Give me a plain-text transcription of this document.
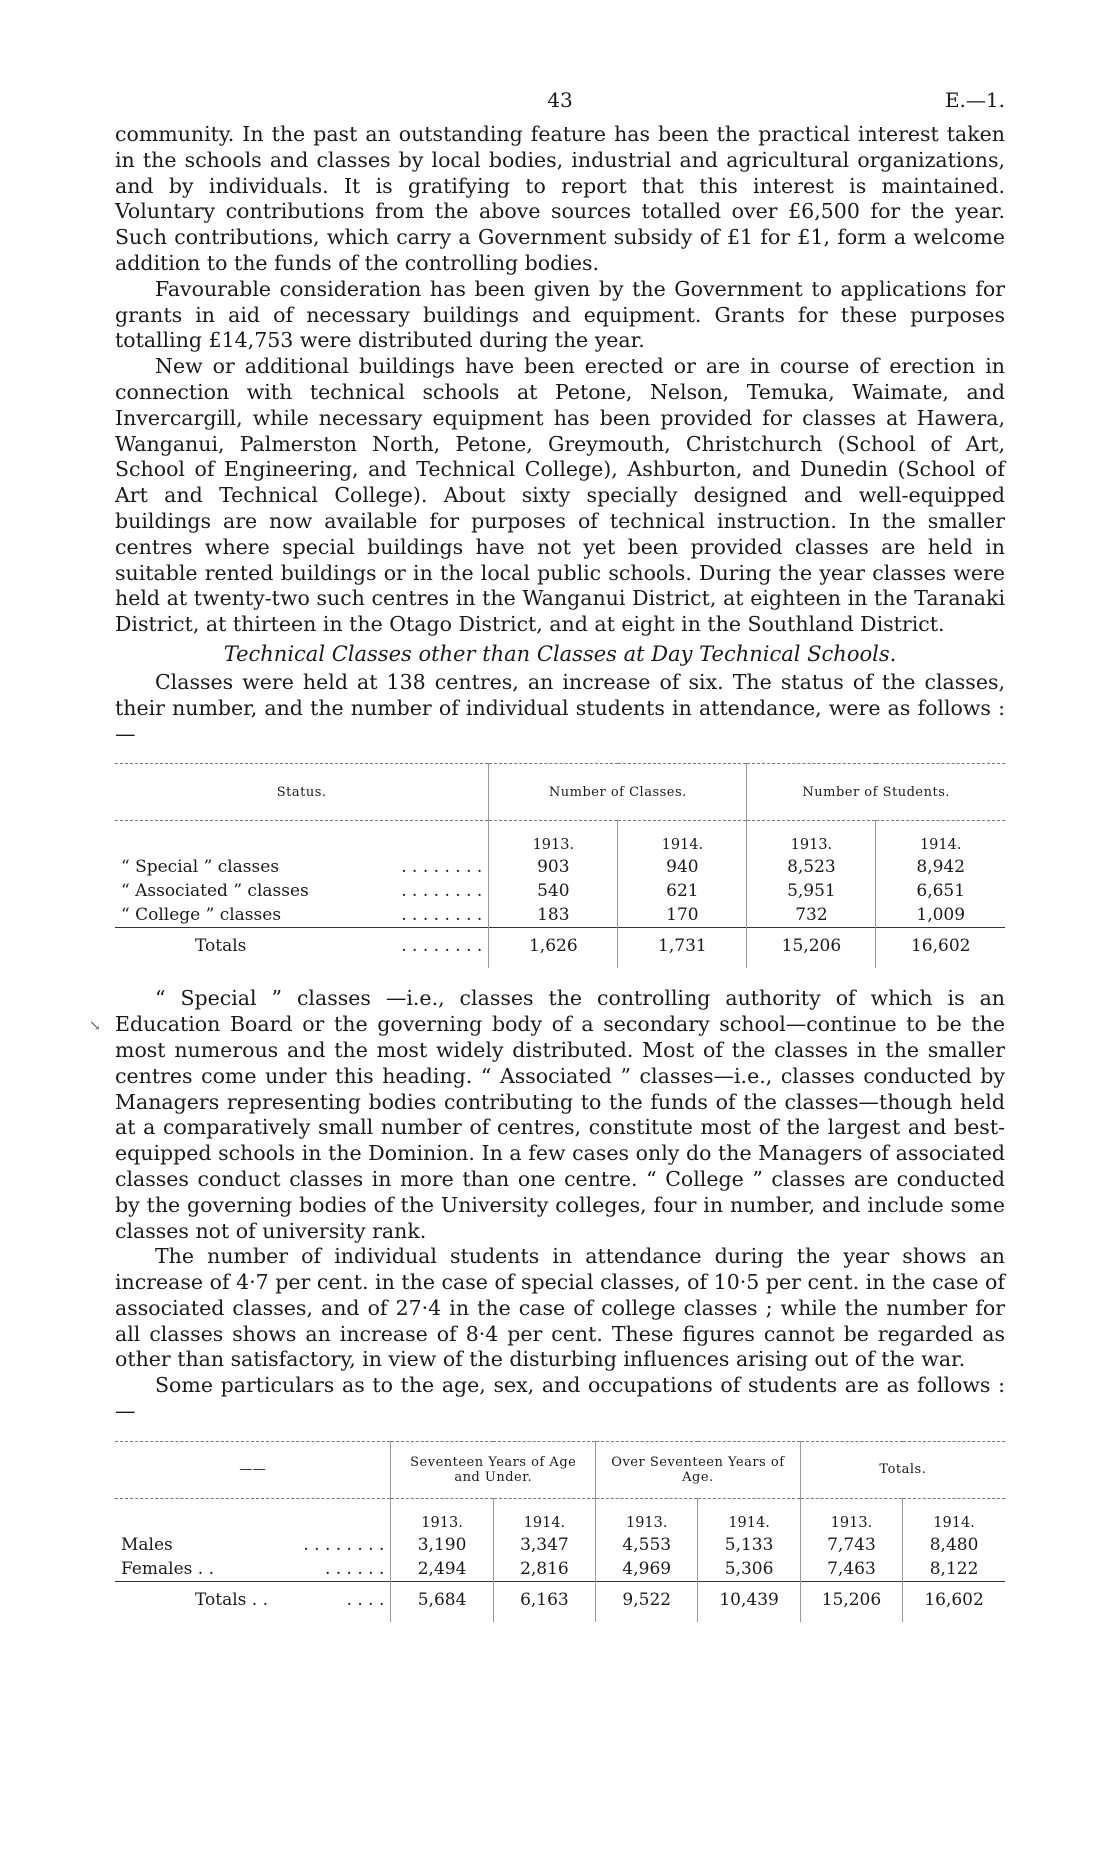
43	E.—1.

community. In the past an outstanding feature has been the practical interest taken in the schools and classes by local bodies, industrial and agricultural organizations, and by individuals. It is gratifying to report that this interest is maintained. Voluntary contributions from the above sources totalled over £6,500 for the year. Such contributions, which carry a Government subsidy of £1 for £1, form a welcome addition to the funds of the controlling bodies.

Favourable consideration has been given by the Government to applications for grants in aid of necessary buildings and equipment. Grants for these purposes totalling £14,753 were distributed during the year.

New or additional buildings have been erected or are in course of erection in connection with technical schools at Petone, Nelson, Temuka, Waimate, and Invercargill, while necessary equipment has been provided for classes at Hawera, Wanganui, Palmerston North, Petone, Greymouth, Christchurch (School of Art, School of Engineering, and Technical College), Ashburton, and Dunedin (School of Art and Technical College). About sixty specially designed and well-equipped buildings are now available for purposes of technical instruction. In the smaller centres where special buildings have not yet been provided classes are held in suitable rented buildings or in the local public schools. During the year classes were held at twenty-two such centres in the Wanganui District, at eighteen in the Taranaki District, at thirteen in the Otago District, and at eight in the Southland District.

Technical Classes other than Classes at Day Technical Schools.

Classes were held at 138 centres, an increase of six. The status of the classes, their number, and the number of individual students in attendance, were as follows :—

Status.	Number of Classes.		Number of Students.	
	1913.	1914.	1913.	1914.
“ Special ” classes . . . . . . . .	903	940	8,523	8,942
“ Associated ” classes . . . . . . . .	540	621	5,951	6,651
“ College ” classes . . . . . . . .	183	170	732	1,009
Totals . . . . . . . .	1,626	1,731	15,206	16,602
↘

“ Special ” classes —i.e., classes the controlling authority of which is an Education Board or the governing body of a secondary school—continue to be the most numerous and the most widely distributed. Most of the classes in the smaller centres come under this heading. “ Associated ” classes—i.e., classes conducted by Managers representing bodies contributing to the funds of the classes—though held at a comparatively small number of centres, constitute most of the largest and best-equipped schools in the Dominion. In a few cases only do the Managers of associated classes conduct classes in more than one centre. “ College ” classes are conducted by the governing bodies of the University colleges, four in number, and include some classes not of university rank.

The number of individual students in attendance during the year shows an increase of 4·7 per cent. in the case of special classes, of 10·5 per cent. in the case of associated classes, and of 27·4 in the case of college classes ; while the number for all classes shows an increase of 8·4 per cent. These figures cannot be regarded as other than satisfactory, in view of the disturbing influences arising out of the war.

Some particulars as to the age, sex, and occupations of students are as follows :—

——	Seventeen Years of Age and Under.		Over Seventeen Years of Age.		Totals.	
	1913.	1914.	1913.	1914.	1913.	1914.
Males . . . . . . . .	3,190	3,347	4,553	5,133	7,743	8,480
Females . . . . . . . .	2,494	2,816	4,969	5,306	7,463	8,122
Totals . . . . . .	5,684	6,163	9,522	10,439	15,206	16,602
